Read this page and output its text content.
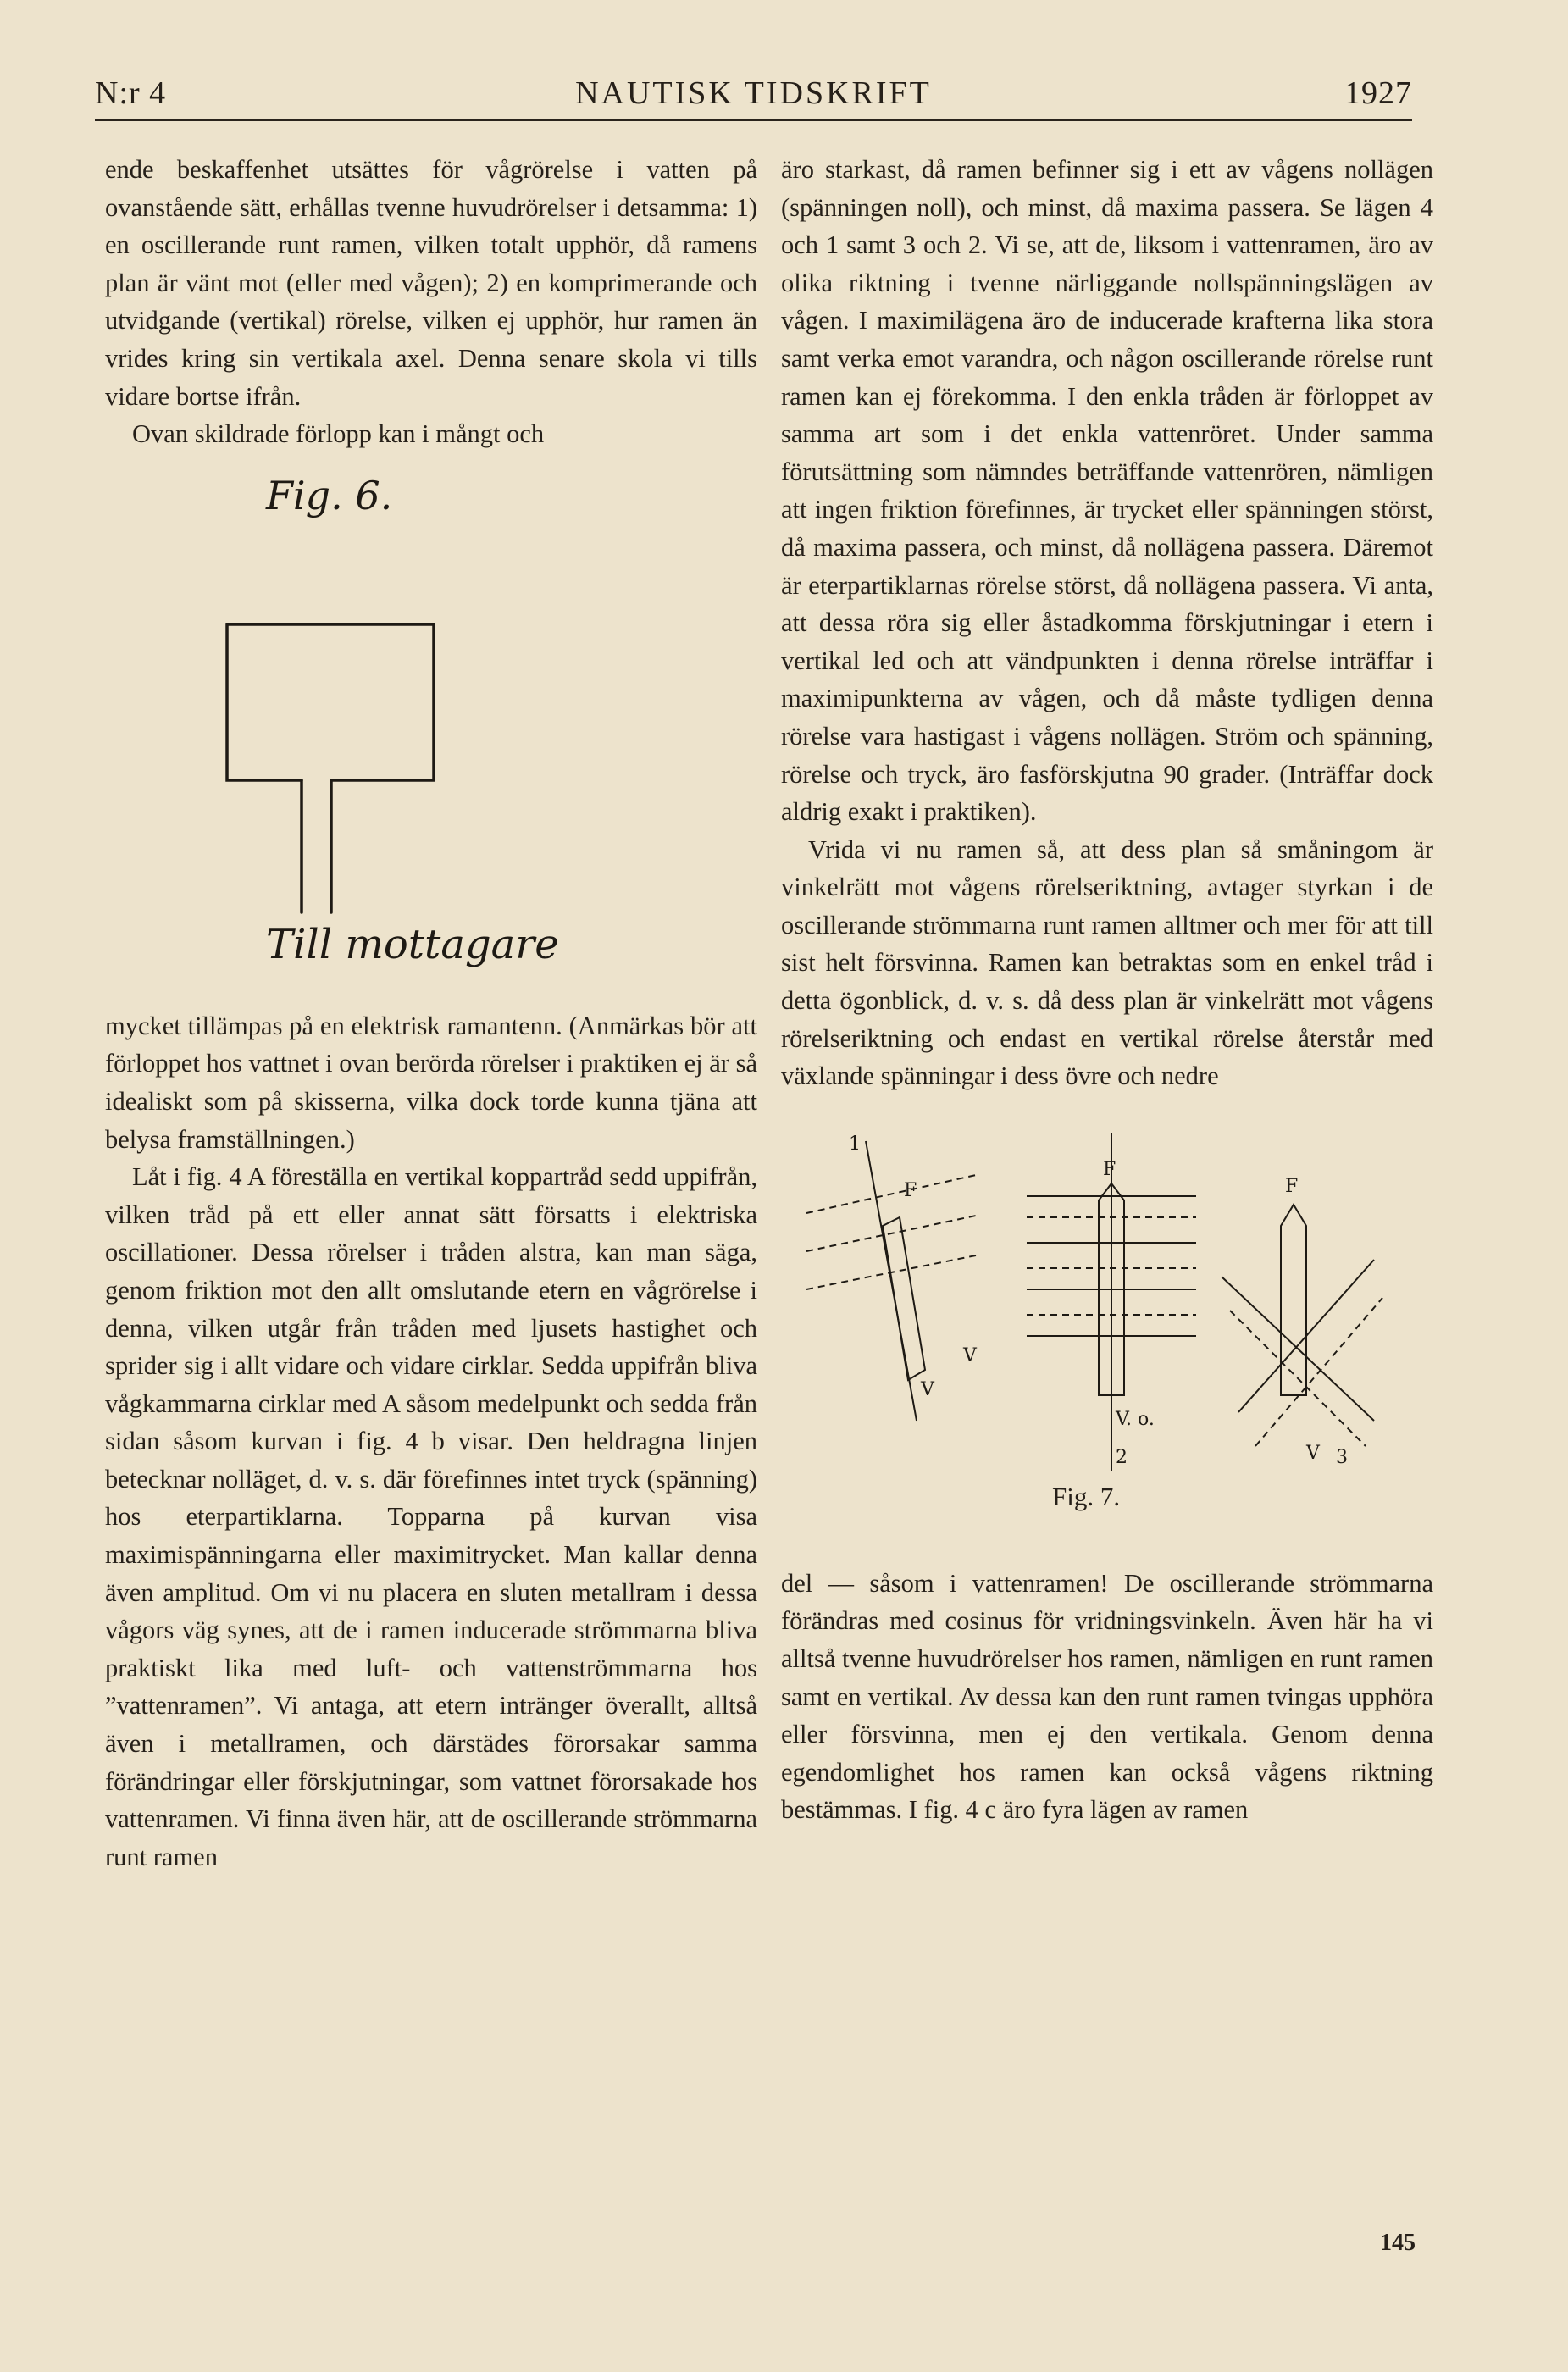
N:r 4	NAUTISK TIDSKRIFT	1927

ende beskaffenhet utsättes för vågrörelse i vatten på ovanstående sätt, erhållas tvenne huvudrörelser i detsamma: 1) en oscillerande runt ramen, vilken totalt upphör, då ramens plan är vänt mot (eller med vågen); 2) en komprimerande och utvidgande (vertikal) rörelse, vilken ej upphör, hur ramen än vrides kring sin vertikala axel. Denna senare skola vi tills vidare bortse ifrån.

Ovan skildrade förlopp kan i mångt och

Fig. 6.
Till mottagare

mycket tillämpas på en elektrisk ramantenn. (Anmärkas bör att förloppet hos vattnet i ovan berörda rörelser i praktiken ej är så idealiskt som på skisserna, vilka dock torde kunna tjäna att belysa framställningen.)

Låt i fig. 4 A föreställa en vertikal koppartråd sedd uppifrån, vilken tråd på ett eller annat sätt försatts i elektriska oscillationer. Dessa rörelser i tråden alstra, kan man säga, genom friktion mot den allt omslutande etern en vågrörelse i denna, vilken utgår från tråden med ljusets hastighet och sprider sig i allt vidare och vidare cirklar. Sedda uppifrån bliva vågkammarna cirklar med A såsom medelpunkt och sedda från sidan såsom kurvan i fig. 4 b visar. Den heldragna linjen betecknar nolläget, d. v. s. där förefinnes intet tryck (spänning) hos eterpartiklarna. Topparna på kurvan visa maximispänningarna eller maximitrycket. Man kallar denna även amplitud. Om vi nu placera en sluten metallram i dessa vågors väg synes, att de i ramen inducerade strömmarna bliva praktiskt lika med luft- och vattenströmmarna hos ”vattenramen”. Vi antaga, att etern intränger överallt, alltså även i metallramen, och därstädes förorsakar samma förändringar eller förskjutningar, som vattnet förorsakade hos vattenramen. Vi finna även här, att de oscillerande strömmarna runt ramen

äro starkast, då ramen befinner sig i ett av vågens nollägen (spänningen noll), och minst, då maxima passera. Se lägen 4 och 1 samt 3 och 2. Vi se, att de, liksom i vattenramen, äro av olika riktning i tvenne närliggande nollspänningslägen av vågen. I maximilägena äro de inducerade krafterna lika stora samt verka emot varandra, och någon oscillerande rörelse runt ramen kan ej förekomma. I den enkla tråden är förloppet av samma art som i det enkla vattenröret. Under samma förutsättning som nämndes beträffande vattenrören, nämligen att ingen friktion förefinnes, är trycket eller spänningen störst, då maxima passera, och minst, då nollägena passera. Däremot är eterpartiklarnas rörelse störst, då nollägena passera. Vi anta, att dessa röra sig eller åstadkomma förskjutningar i etern i vertikal led och att vändpunkten i denna rörelse inträffar i maximipunkterna av vågen, och då måste tydligen denna rörelse vara hastigast i vågens nollägen. Ström och spänning, rörelse och tryck, äro fasförskjutna 90 grader. (Inträffar dock aldrig exakt i praktiken).

Vrida vi nu ramen så, att dess plan så småningom är vinkelrätt mot vågens rörelseriktning, avtager styrkan i de oscillerande strömmarna runt ramen alltmer och mer för att till sist helt försvinna. Ramen kan betraktas som en enkel tråd i detta ögonblick, d. v. s. då dess plan är vinkelrätt mot vågens rörelseriktning och endast en vertikal rörelse återstår med växlande spänningar i dess övre och nedre

F
F
F
1
2	3
V
V
V
V. o.
Fig. 7.

del — såsom i vattenramen! De oscillerande strömmarna förändras med cosinus för vridningsvinkeln. Även här ha vi alltså tvenne huvudrörelser hos ramen, nämligen en runt ramen samt en vertikal. Av dessa kan den runt ramen tvingas upphöra eller försvinna, men ej den vertikala. Genom denna egendomlighet hos ramen kan också vågens riktning bestämmas. I fig. 4 c äro fyra lägen av ramen

145
